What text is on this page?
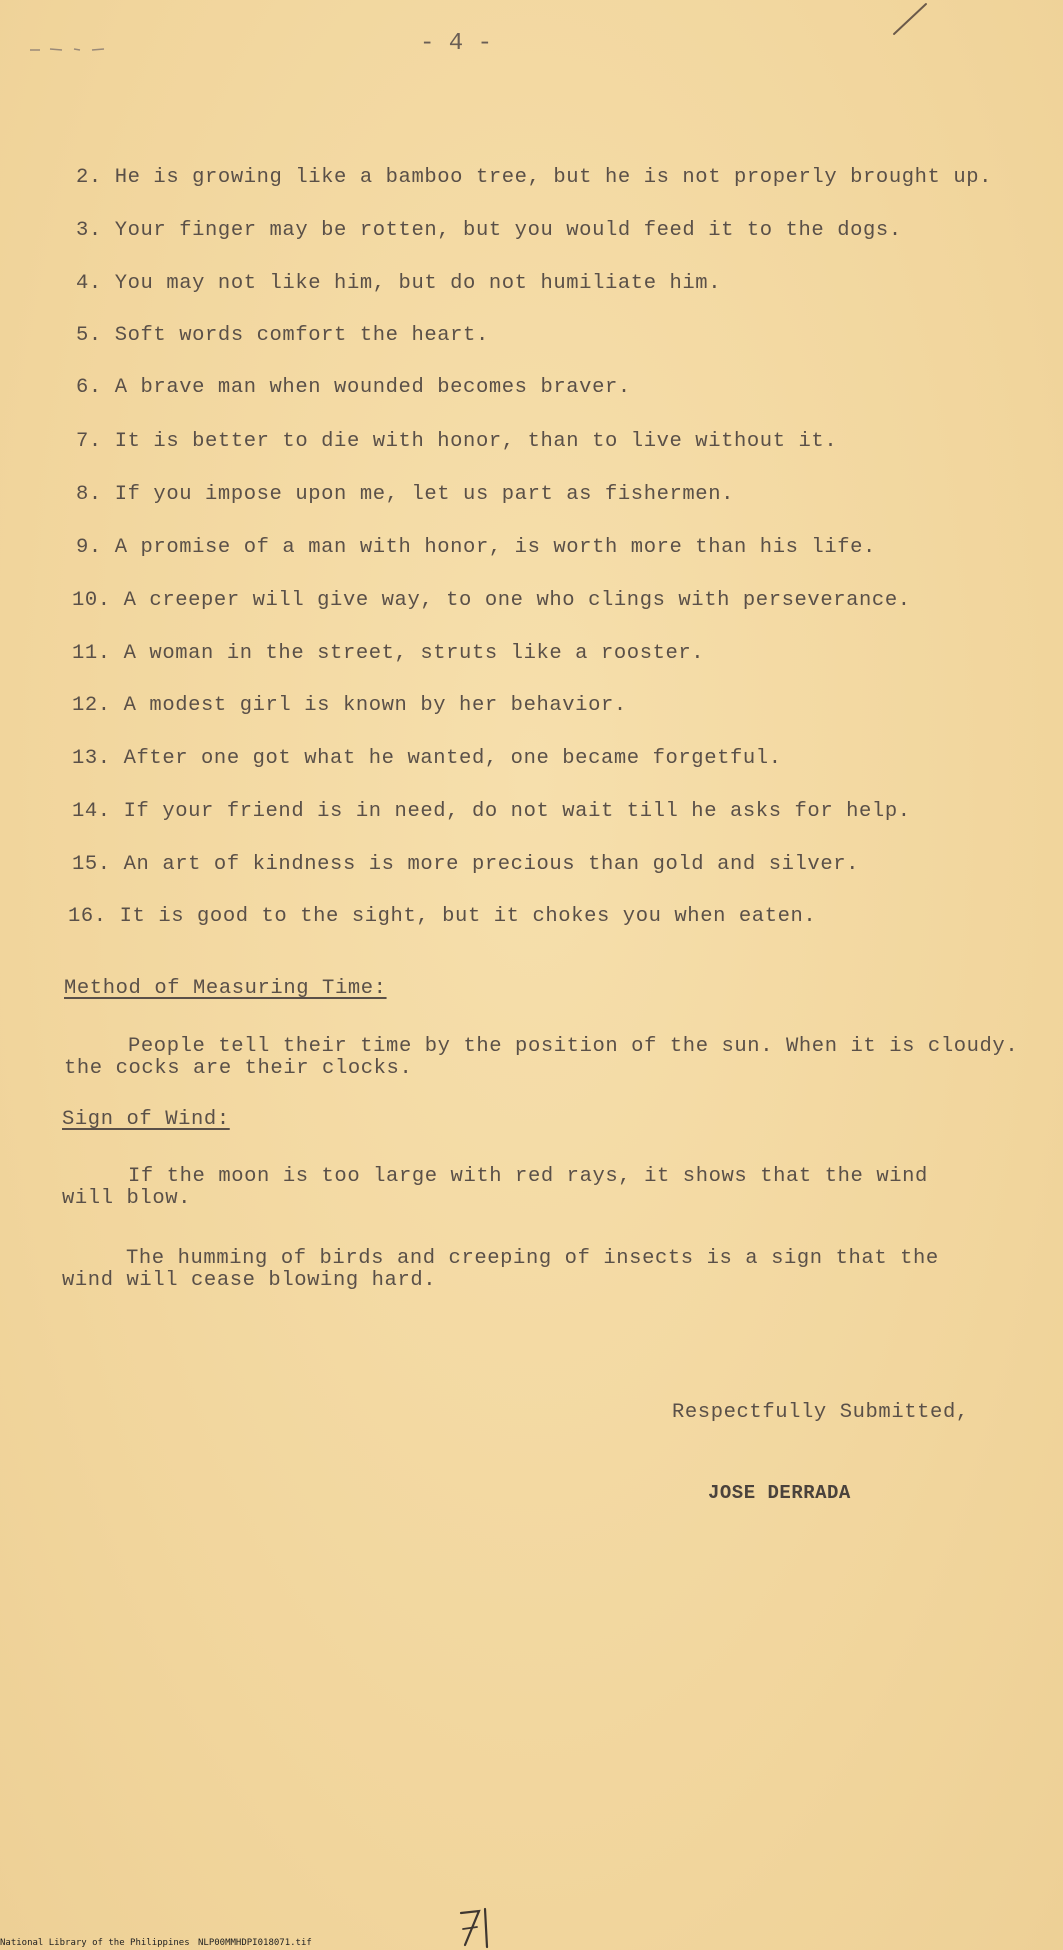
- 4 -
2. He is growing like a bamboo tree, but he is not properly brought up.
3. Your finger may be rotten, but you would feed it to the dogs.
4. You may not like him, but do not humiliate him.
5. Soft words comfort the heart.
6. A brave man when wounded becomes braver.
7. It is better to die with honor, than to live without it.
8. If you impose upon me, let us part as fishermen.
9. A promise of a man with honor, is worth more than his life.
10. A creeper will give way, to one who clings with perseverance.
11. A woman in the street, struts like a rooster.
12. A modest girl is known by her behavior.
13. After one got what he wanted, one became forgetful.
14. If your friend is in need, do not wait till he asks for help.
15. An art of kindness is more precious than gold and silver.
16. It is good to the sight, but it chokes you when eaten.
Method of Measuring Time:
People tell their time by the position of the sun. When it is cloudy.
the cocks are their clocks.
Sign of Wind:
If the moon is too large with red rays, it shows that the wind
will blow.
The humming of birds and creeping of insects is a sign that the
wind will cease blowing hard.
Respectfully Submitted,
JOSE DERRADA
National Library of the Philippines NLP00MMHDPI018071.tif
